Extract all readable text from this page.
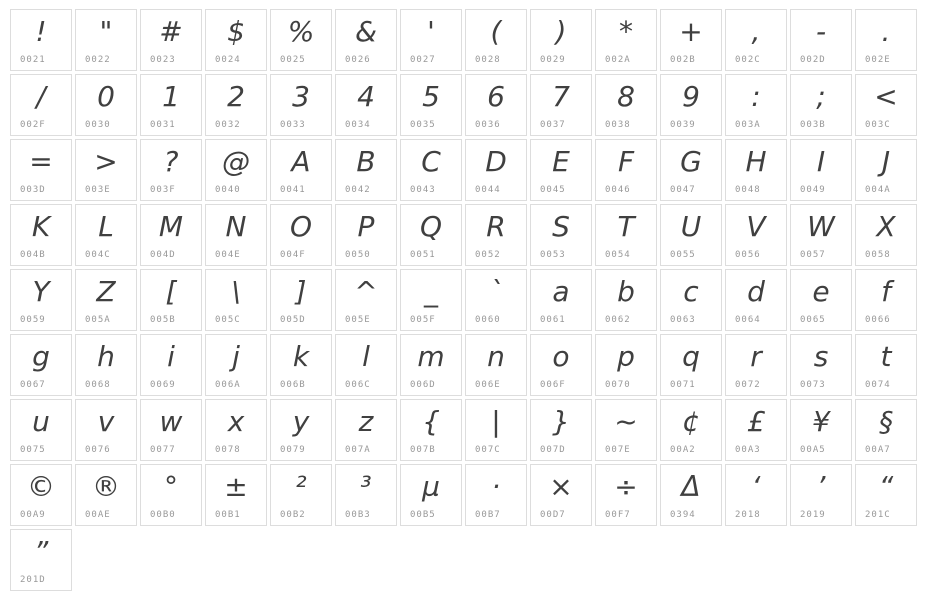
!
0021
"
0022
#
0023
$
0024
%
0025
&
0026
'
0027
(
0028
)
0029
*
002A
+
002B
,
002C
-
002D
.
002E
/
002F
0
0030
1
0031
2
0032
3
0033
4
0034
5
0035
6
0036
7
0037
8
0038
9
0039
:
003A
;
003B
<
003C
=
003D
>
003E
?
003F
@
0040
A
0041
B
0042
C
0043
D
0044
E
0045
F
0046
G
0047
H
0048
I
0049
J
004A
K
004B
L
004C
M
004D
N
004E
O
004F
P
0050
Q
0051
R
0052
S
0053
T
0054
U
0055
V
0056
W
0057
X
0058
Y
0059
Z
005A
[
005B
\
005C
]
005D
^
005E
_
005F
`
0060
a
0061
b
0062
c
0063
d
0064
e
0065
f
0066
g
0067
h
0068
i
0069
j
006A
k
006B
l
006C
m
006D
n
006E
o
006F
p
0070
q
0071
r
0072
s
0073
t
0074
u
0075
v
0076
w
0077
x
0078
y
0079
z
007A
{
007B
|
007C
}
007D
~
007E
¢
00A2
£
00A3
¥
00A5
§
00A7
©
00A9
®
00AE
°
00B0
±
00B1
²
00B2
³
00B3
µ
00B5
·
00B7
×
00D7
÷
00F7
Δ
0394
‘
2018
’
2019
“
201C
”
201D
